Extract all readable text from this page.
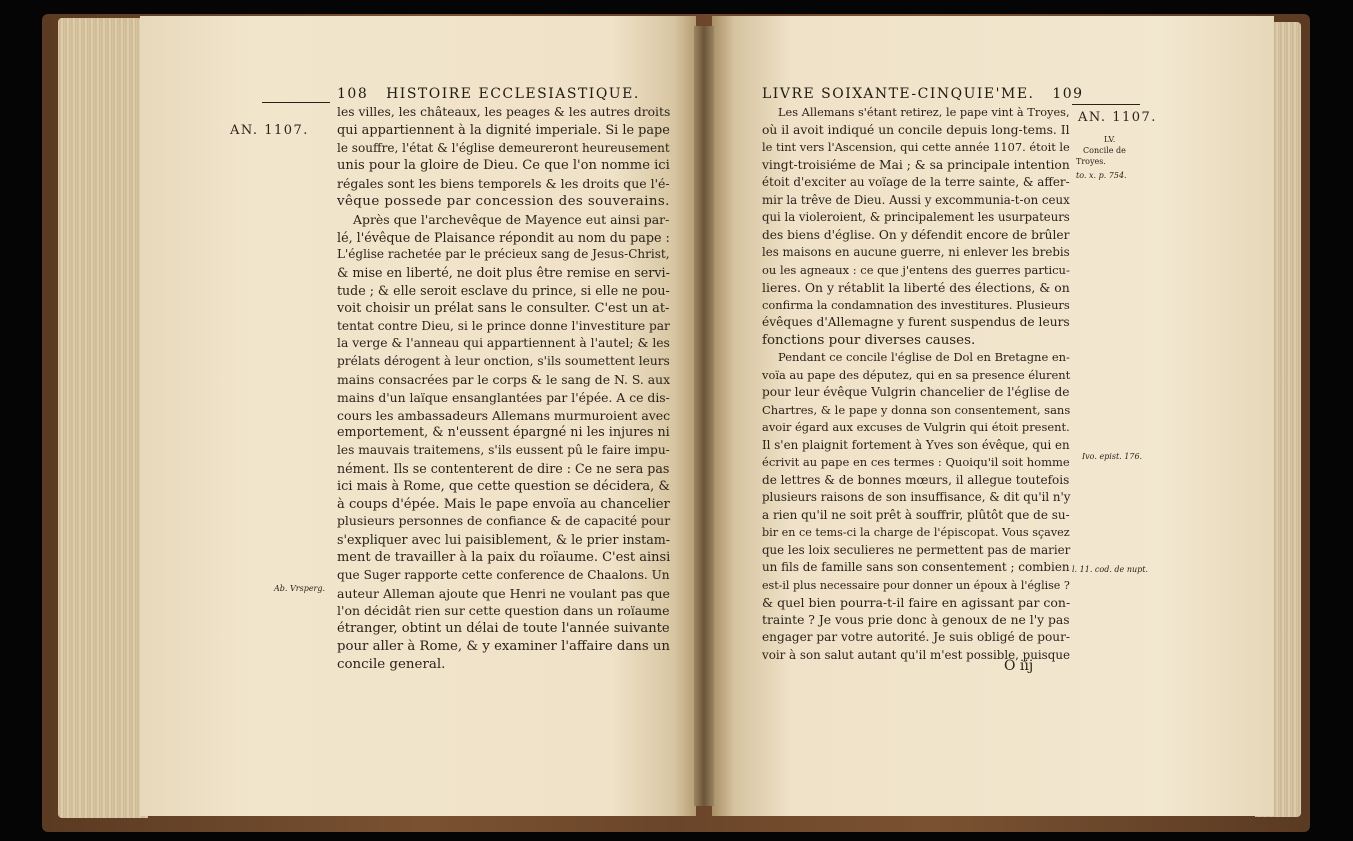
108 HISTOIRE ECCLESIASTIQUE.
AN. 1107.
Ab. Vrsperg.
LIVRE SOIXANTE-CINQUIE'ME. 109
AN. 1107.
LV.
Concile de
Troyes.
to. x. p. 754.
Ivo. epist. 176.
l. 11. cod. de nupt.
O iij
les villes, les châteaux, les peages & les autres droits
qui appartiennent à la dignité imperiale. Si le pape
le souffre, l'état & l'église demeureront heureusement
unis pour la gloire de Dieu. Ce que l'on nomme ici
régales sont les biens temporels & les droits que l'é-
vêque possede par concession des souverains.
Après que l'archevêque de Mayence eut ainsi par-
lé, l'évêque de Plaisance répondit au nom du pape :
L'église rachetée par le précieux sang de Jesus-Christ,
& mise en liberté, ne doit plus être remise en servi-
tude ; & elle seroit esclave du prince, si elle ne pou-
voit choisir un prélat sans le consulter. C'est un at-
tentat contre Dieu, si le prince donne l'investiture par
la verge & l'anneau qui appartiennent à l'autel; & les
prélats dérogent à leur onction, s'ils soumettent leurs
mains consacrées par le corps & le sang de N. S. aux
mains d'un laïque ensanglantées par l'épée. A ce dis-
cours les ambassadeurs Allemans murmuroient avec
emportement, & n'eussent épargné ni les injures ni
les mauvais traitemens, s'ils eussent pû le faire impu-
nément. Ils se contenterent de dire : Ce ne sera pas
ici mais à Rome, que cette question se décidera, &
à coups d'épée. Mais le pape envoïa au chancelier
plusieurs personnes de confiance & de capacité pour
s'expliquer avec lui paisiblement, & le prier instam-
ment de travailler à la paix du roïaume. C'est ainsi
que Suger rapporte cette conference de Chaalons. Un
auteur Alleman ajoute que Henri ne voulant pas que
l'on décidât rien sur cette question dans un roïaume
étranger, obtint un délai de toute l'année suivante
pour aller à Rome, & y examiner l'affaire dans un
concile general.
Les Allemans s'étant retirez, le pape vint à Troyes,
où il avoit indiqué un concile depuis long-tems. Il
le tint vers l'Ascension, qui cette année 1107. étoit le
vingt-troisiéme de Mai ; & sa principale intention
étoit d'exciter au voïage de la terre sainte, & affer-
mir la trêve de Dieu. Aussi y excommunia-t-on ceux
qui la violeroient, & principalement les usurpateurs
des biens d'église. On y défendit encore de brûler
les maisons en aucune guerre, ni enlever les brebis
ou les agneaux : ce que j'entens des guerres particu-
lieres. On y rétablit la liberté des élections, & on
confirma la condamnation des investitures. Plusieurs
évêques d'Allemagne y furent suspendus de leurs
fonctions pour diverses causes.
Pendant ce concile l'église de Dol en Bretagne en-
voïa au pape des députez, qui en sa presence élurent
pour leur évêque Vulgrin chancelier de l'église de
Chartres, & le pape y donna son consentement, sans
avoir égard aux excuses de Vulgrin qui étoit present.
Il s'en plaignit fortement à Yves son évêque, qui en
écrivit au pape en ces termes : Quoiqu'il soit homme
de lettres & de bonnes mœurs, il allegue toutefois
plusieurs raisons de son insuffisance, & dit qu'il n'y
a rien qu'il ne soit prêt à souffrir, plûtôt que de su-
bir en ce tems-ci la charge de l'épiscopat. Vous sçavez
que les loix seculieres ne permettent pas de marier
un fils de famille sans son consentement ; combien
est-il plus necessaire pour donner un époux à l'église ?
& quel bien pourra-t-il faire en agissant par con-
trainte ? Je vous prie donc à genoux de ne l'y pas
engager par votre autorité. Je suis obligé de pour-
voir à son salut autant qu'il m'est possible, puisque
